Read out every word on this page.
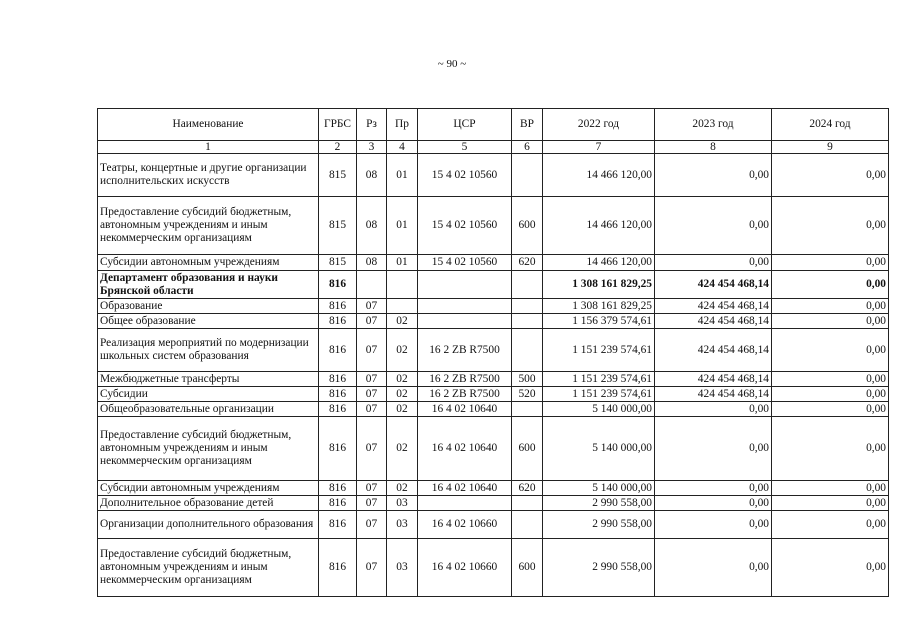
~ 90 ~
Наименование	ГРБС	Рз	Пр	ЦСР	ВР	2022 год	2023 год	2024 год
1	2	3	4	5	6	7	8	9
Театры, концертные и другие организации исполнительских искусств	815	08	01	15 4 02 10560		14 466 120,00	0,00	0,00
Предоставление субсидий бюджетным, автономным учреждениям и иным некоммерческим организациям	815	08	01	15 4 02 10560	600	14 466 120,00	0,00	0,00
Субсидии автономным учреждениям	815	08	01	15 4 02 10560	620	14 466 120,00	0,00	0,00
Департамент образования и науки Брянской области	816					1 308 161 829,25	424 454 468,14	0,00
Образование	816	07				1 308 161 829,25	424 454 468,14	0,00
Общее образование	816	07	02			1 156 379 574,61	424 454 468,14	0,00
Реализация мероприятий по модернизации школьных систем образования	816	07	02	16 2 ZB R7500		1 151 239 574,61	424 454 468,14	0,00
Межбюджетные трансферты	816	07	02	16 2 ZB R7500	500	1 151 239 574,61	424 454 468,14	0,00
Субсидии	816	07	02	16 2 ZB R7500	520	1 151 239 574,61	424 454 468,14	0,00
Общеобразовательные организации	816	07	02	16 4 02 10640		5 140 000,00	0,00	0,00
Предоставление субсидий бюджетным, автономным учреждениям и иным некоммерческим организациям	816	07	02	16 4 02 10640	600	5 140 000,00	0,00	0,00
Субсидии автономным учреждениям	816	07	02	16 4 02 10640	620	5 140 000,00	0,00	0,00
Дополнительное образование детей	816	07	03			2 990 558,00	0,00	0,00
Организации дополнительного образования	816	07	03	16 4 02 10660		2 990 558,00	0,00	0,00
Предоставление субсидий бюджетным, автономным учреждениям и иным некоммерческим организациям	816	07	03	16 4 02 10660	600	2 990 558,00	0,00	0,00
